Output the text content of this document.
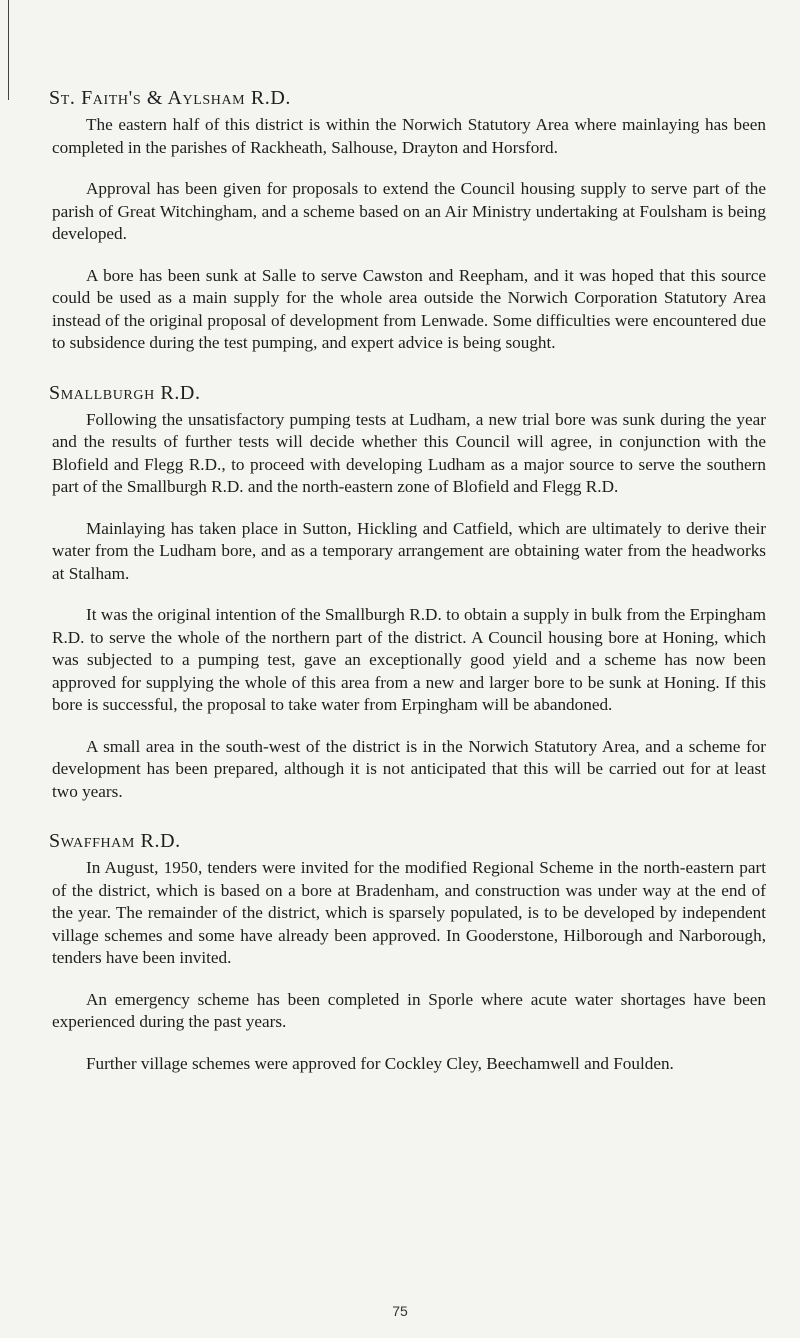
St. Faith's & Aylsham R.D.

The eastern half of this district is within the Norwich Statutory Area where mainlaying has been completed in the parishes of Rackheath, Salhouse, Drayton and Horsford.

Approval has been given for proposals to extend the Council housing supply to serve part of the parish of Great Witchingham, and a scheme based on an Air Ministry undertaking at Foulsham is being developed.

A bore has been sunk at Salle to serve Cawston and Reepham, and it was hoped that this source could be used as a main supply for the whole area outside the Norwich Corporation Statutory Area instead of the original proposal of development from Lenwade. Some difficulties were encountered due to subsidence during the test pumping, and expert advice is being sought.

Smallburgh R.D.

Following the unsatisfactory pumping tests at Ludham, a new trial bore was sunk during the year and the results of further tests will decide whether this Council will agree, in conjunction with the Blofield and Flegg R.D., to proceed with developing Ludham as a major source to serve the southern part of the Smallburgh R.D. and the north-eastern zone of Blofield and Flegg R.D.

Mainlaying has taken place in Sutton, Hickling and Catfield, which are ultimately to derive their water from the Ludham bore, and as a temporary arrangement are obtaining water from the headworks at Stalham.

It was the original intention of the Smallburgh R.D. to obtain a supply in bulk from the Erpingham R.D. to serve the whole of the northern part of the district. A Council housing bore at Honing, which was subjected to a pumping test, gave an exceptionally good yield and a scheme has now been approved for supplying the whole of this area from a new and larger bore to be sunk at Honing. If this bore is successful, the proposal to take water from Erpingham will be abandoned.

A small area in the south-west of the district is in the Norwich Statutory Area, and a scheme for development has been prepared, although it is not anticipated that this will be carried out for at least two years.

Swaffham R.D.

In August, 1950, tenders were invited for the modified Regional Scheme in the north-eastern part of the district, which is based on a bore at Bradenham, and construction was under way at the end of the year. The remainder of the district, which is sparsely populated, is to be developed by independent village schemes and some have already been approved. In Gooderstone, Hilborough and Narborough, tenders have been invited.

An emergency scheme has been completed in Sporle where acute water shortages have been experienced during the past years.

Further village schemes were approved for Cockley Cley, Beechamwell and Foulden.

75
